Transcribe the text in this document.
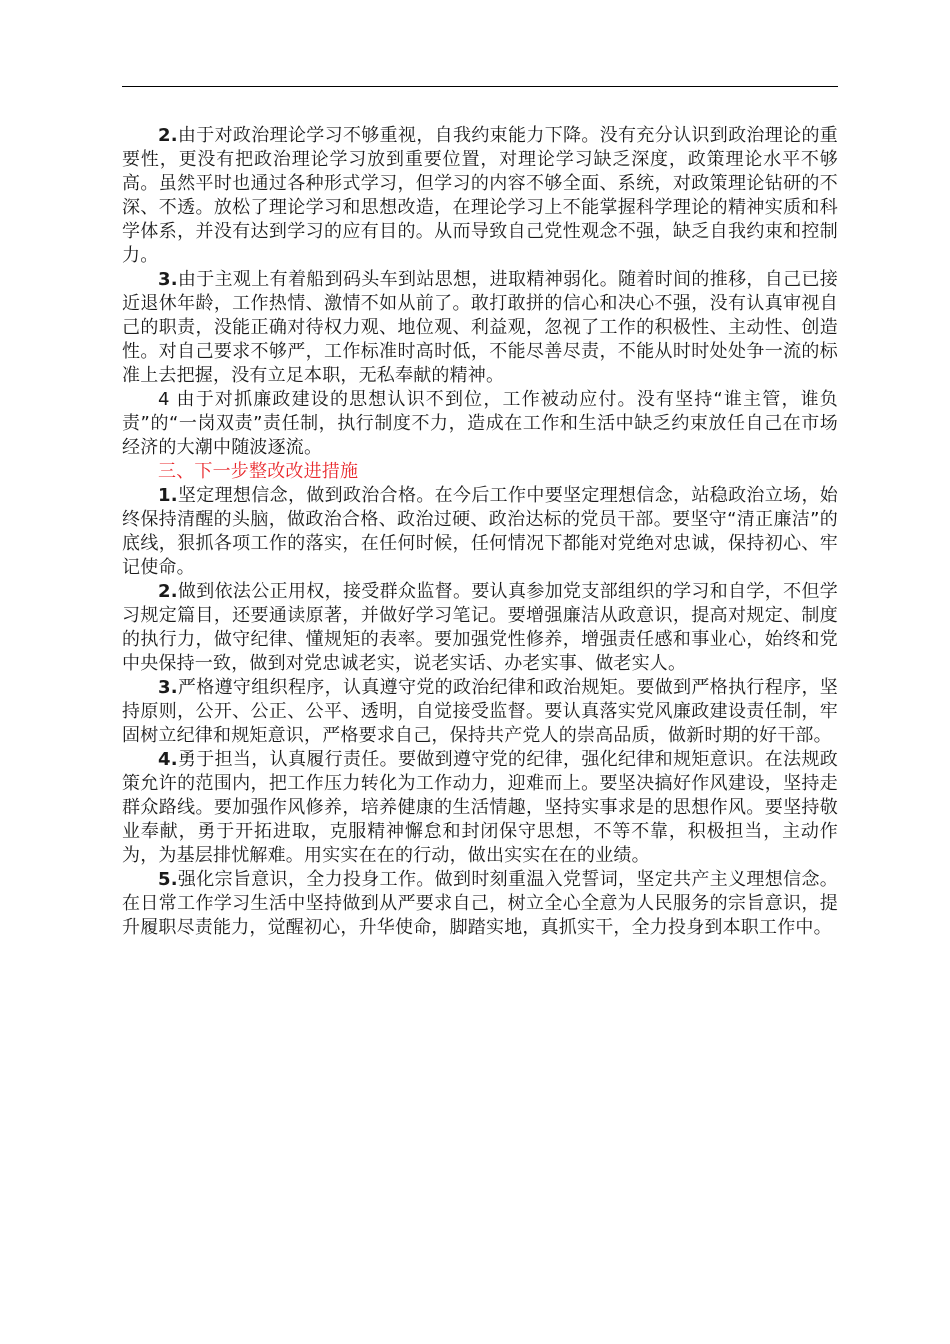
2.由于对政治理论学习不够重视，自我约束能力下降。没有充分认识到政治理论的重要性，更没有把政治理论学习放到重要位置，对理论学习缺乏深度，政策理论水平不够高。虽然平时也通过各种形式学习，但学习的内容不够全面、系统，对政策理论钻研的不深、不透。放松了理论学习和思想改造，在理论学习上不能掌握科学理论的精神实质和科学体系，并没有达到学习的应有目的。从而导致自己党性观念不强，缺乏自我约束和控制力。

3.由于主观上有着船到码头车到站思想，进取精神弱化。随着时间的推移，自己已接近退休年龄，工作热情、激情不如从前了。敢打敢拼的信心和决心不强，没有认真审视自己的职责，没能正确对待权力观、地位观、利益观，忽视了工作的积极性、主动性、创造性。对自己要求不够严，工作标准时高时低，不能尽善尽责，不能从时时处处争一流的标准上去把握，没有立足本职，无私奉献的精神。

4 由于对抓廉政建设的思想认识不到位，工作被动应付。没有坚持“谁主管，谁负责”的“一岗双责”责任制，执行制度不力，造成在工作和生活中缺乏约束放任自己在市场经济的大潮中随波逐流。

三、下一步整改改进措施

1.坚定理想信念，做到政治合格。在今后工作中要坚定理想信念，站稳政治立场，始终保持清醒的头脑，做政治合格、政治过硬、政治达标的党员干部。要坚守“清正廉洁”的底线，狠抓各项工作的落实，在任何时候，任何情况下都能对党绝对忠诚，保持初心、牢记使命。

2.做到依法公正用权，接受群众监督。要认真参加党支部组织的学习和自学，不但学习规定篇目，还要通读原著，并做好学习笔记。要增强廉洁从政意识，提高对规定、制度的执行力，做守纪律、懂规矩的表率。要加强党性修养，增强责任感和事业心，始终和党中央保持一致，做到对党忠诚老实，说老实话、办老实事、做老实人。

3.严格遵守组织程序，认真遵守党的政治纪律和政治规矩。要做到严格执行程序，坚持原则，公开、公正、公平、透明，自觉接受监督。要认真落实党风廉政建设责任制，牢固树立纪律和规矩意识，严格要求自己，保持共产党人的崇高品质，做新时期的好干部。

4.勇于担当，认真履行责任。要做到遵守党的纪律，强化纪律和规矩意识。在法规政策允许的范围内，把工作压力转化为工作动力，迎难而上。要坚决搞好作风建设，坚持走群众路线。要加强作风修养，培养健康的生活情趣，坚持实事求是的思想作风。要坚持敬业奉献，勇于开拓进取，克服精神懈怠和封闭保守思想，不等不靠，积极担当，主动作为，为基层排忧解难。用实实在在的行动，做出实实在在的业绩。

5.强化宗旨意识，全力投身工作。做到时刻重温入党誓词，坚定共产主义理想信念。在日常工作学习生活中坚持做到从严要求自己，树立全心全意为人民服务的宗旨意识，提升履职尽责能力，觉醒初心，升华使命，脚踏实地，真抓实干，全力投身到本职工作中。
